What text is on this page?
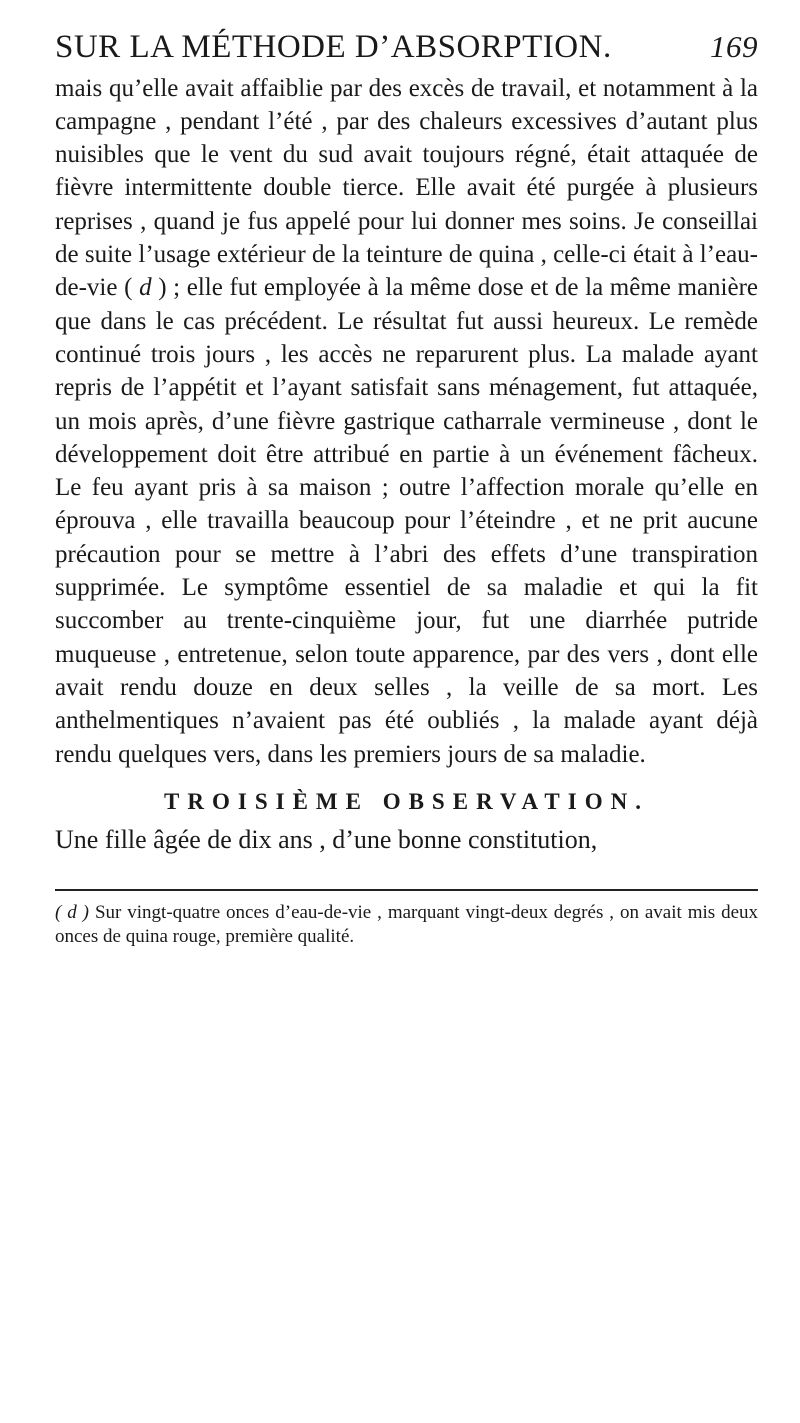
SUR LA MÉTHODE D’ABSORPTION.	169

mais qu’elle avait affaiblie par des excès de travail, et notamment à la campagne , pendant l’été , par des chaleurs excessives d’autant plus nuisibles que le vent du sud avait toujours régné, était attaquée de fièvre intermittente double tierce. Elle avait été purgée à plusieurs reprises , quand je fus appelé pour lui donner mes soins. Je conseillai de suite l’usage extérieur de la teinture de quina , celle-ci était à l’eau-de-vie ( d ) ; elle fut employée à la même dose et de la même manière que dans le cas précédent. Le résultat fut aussi heureux. Le remède continué trois jours , les accès ne reparurent plus. La malade ayant repris de l’appétit et l’ayant satisfait sans ménagement, fut attaquée, un mois après, d’une fièvre gastrique catharrale vermineuse , dont le développement doit être attribué en partie à un événement fâcheux. Le feu ayant pris à sa maison ; outre l’affection morale qu’elle en éprouva , elle travailla beaucoup pour l’éteindre , et ne prit aucune précaution pour se mettre à l’abri des effets d’une transpiration supprimée. Le symptôme essentiel de sa maladie et qui la fit succomber au trente-cinquième jour, fut une diarrhée putride muqueuse , entretenue, selon toute apparence, par des vers , dont elle avait rendu douze en deux selles , la veille de sa mort. Les anthelmentiques n’avaient pas été oubliés , la malade ayant déjà rendu quelques vers, dans les premiers jours de sa maladie.

TROISIÈME OBSERVATION.

Une fille âgée de dix ans , d’une bonne constitution,

( d ) Sur vingt-quatre onces d’eau-de-vie , marquant vingt-deux degrés , on avait mis deux onces de quina rouge, première qualité.
